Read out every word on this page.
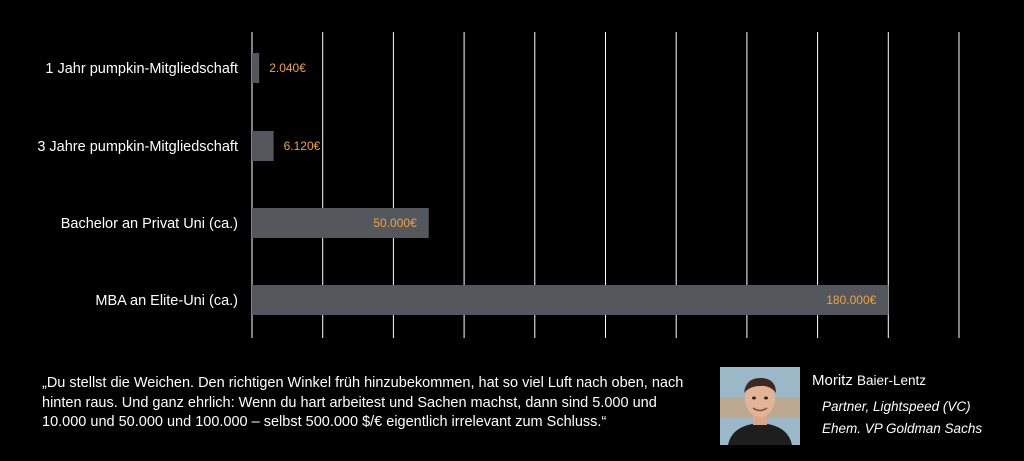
1 Jahr pumpkin-Mitgliedschaft
3 Jahre pumpkin-Mitgliedschaft
Bachelor an Privat Uni (ca.)
MBA an Elite-Uni (ca.)
2.040€
6.120€
50.000€
180.000€
„Du stellst die Weichen. Den richtigen Winkel früh hinzubekommen, hat so viel Luft nach oben, nach hinten raus. Und ganz ehrlich: Wenn du hart arbeitest und Sachen machst, dann sind 5.000 und 10.000 und 50.000 und 100.000 – selbst 500.000 $/€ eigentlich irrelevant zum Schluss.“
Moritz Baier-Lentz
Partner, Lightspeed (VC)
Ehem. VP Goldman Sachs
